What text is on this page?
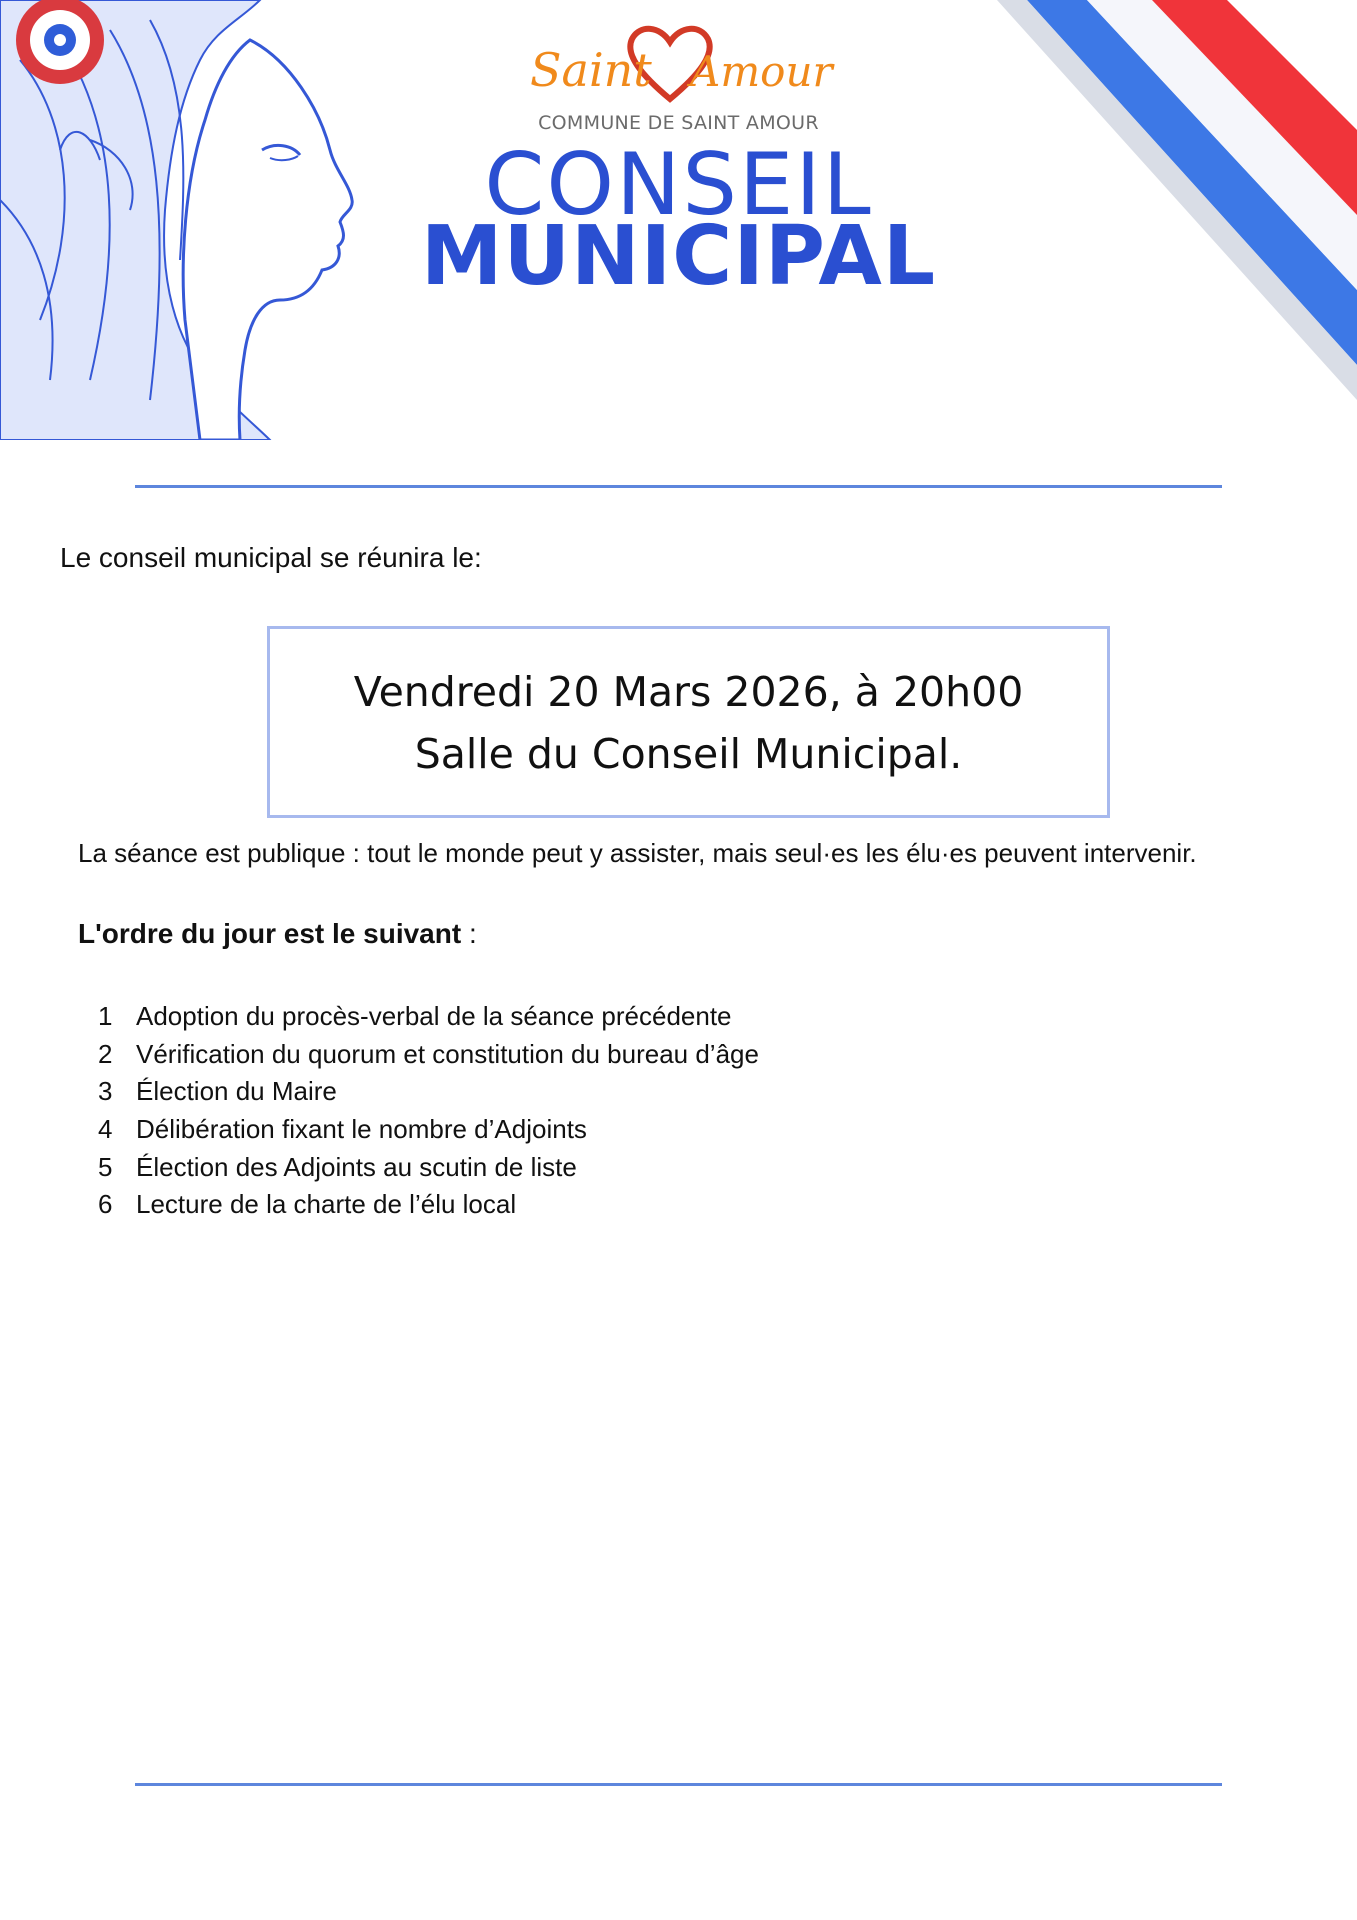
Saint Amour
COMMUNE DE SAINT AMOUR
CONSEIL
MUNICIPAL
Le conseil municipal se réunira le:
Vendredi 20 Mars 2026, à 20h00
Salle du Conseil Municipal.
La séance est publique : tout le monde peut y assister, mais seul·es les élu·es peuvent intervenir.
L'ordre du jour est le suivant :
1 Adoption du procès-verbal de la séance précédente
2 Vérification du quorum et constitution du bureau d’âge
3 Élection du Maire
4 Délibération fixant le nombre d’Adjoints
5 Élection des Adjoints au scutin de liste
6 Lecture de la charte de l’élu local
